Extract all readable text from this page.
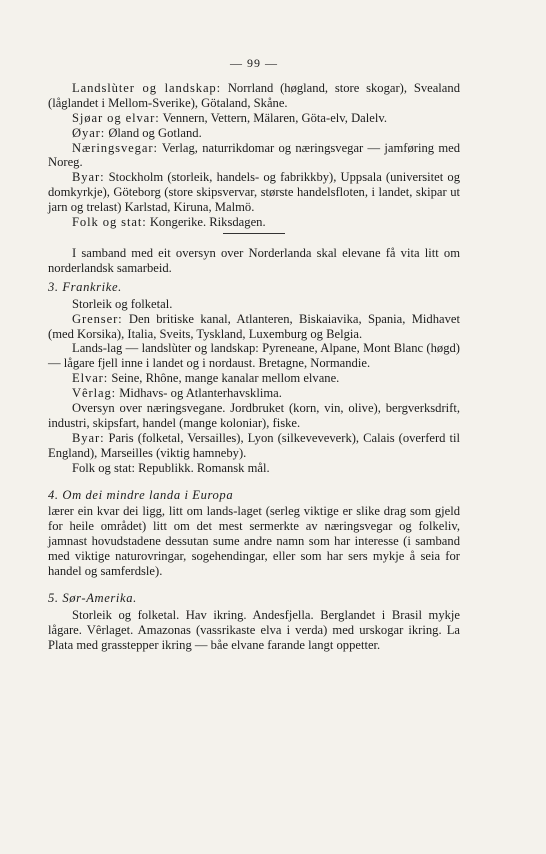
— 99 —

Landslùter og landskap: Norrland (høgland, store skogar), Svealand (låglandet i Mellom-Sverike), Götaland, Skåne.

Sjøar og elvar: Vennern, Vettern, Mälaren, Göta-elv, Dalelv.

Øyar: Øland og Gotland.

Næringsvegar: Verlag, naturrikdomar og næringsvegar — jamføring med Noreg.

Byar: Stockholm (storleik, handels- og fabrikkby), Uppsala (universitet og domkyrkje), Göteborg (store skipsvervar, største handelsfloten, i landet, skipar ut jarn og trelast) Karlstad, Kiruna, Malmö.

Folk og stat: Kongerike. Riksdagen.

I samband med eit oversyn over Norderlanda skal elevane få vita litt om norderlandsk samarbeid.

3. Frankrike.

Storleik og folketal.

Grenser: Den britiske kanal, Atlanteren, Biskaiavika, Spania, Midhavet (med Korsika), Italia, Sveits, Tyskland, Luxemburg og Belgia.

Lands-lag — landslùter og landskap: Pyreneane, Alpane, Mont Blanc (høgd) — lågare fjell inne i landet og i nordaust. Bretagne, Normandie.

Elvar: Seine, Rhône, mange kanalar mellom elvane.

Vêrlag: Midhavs- og Atlanterhavsklima.

Oversyn over næringsvegane. Jordbruket (korn, vin, olive), bergverksdrift, industri, skipsfart, handel (mange koloniar), fiske.

Byar: Paris (folketal, Versailles), Lyon (silkeveveverk), Calais (overferd til England), Marseilles (viktig hamneby).

Folk og stat: Republikk. Romansk mål.

4. Om dei mindre landa i Europa

lærer ein kvar dei ligg, litt om lands-laget (serleg viktige er slike drag som gjeld for heile området) litt om det mest sermerkte av næringsvegar og folkeliv, jamnast hovudstadene dessutan sume andre namn som har interesse (i samband med viktige naturovringar, sogehendingar, eller som har sers mykje å seia for handel og samferdsle).

5. Sør-Amerika.

Storleik og folketal. Hav ikring. Andesfjella. Berglandet i Brasil mykje lågare. Vêrlaget. Amazonas (vassrikaste elva i verda) med urskogar ikring. La Plata med grasstepper ikring — båe elvane farande langt oppetter.
